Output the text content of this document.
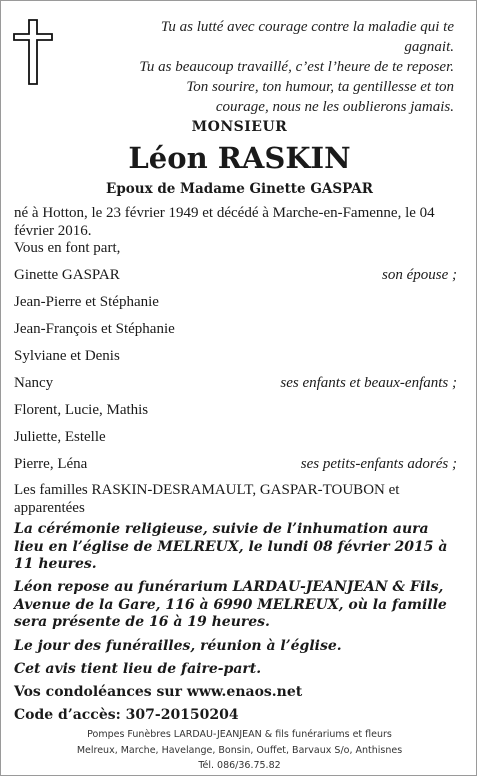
Tu as lutté avec courage contre la maladie qui te
gagnait.
Tu as beaucoup travaillé, c’est l’heure de te reposer.
Ton sourire, ton humour, ta gentillesse et ton
courage, nous ne les oublierons jamais.
MONSIEUR
Léon RASKIN
Epoux de Madame Ginette GASPAR
né à Hotton, le 23 février 1949 et décédé à Marche-en-Famenne, le 04 février 2016.
Vous en font part,
Ginette GASPAR	son épouse ;
Jean-Pierre et Stéphanie
Jean-François et Stéphanie
Sylviane et Denis
Nancy	ses enfants et beaux-enfants ;
Florent, Lucie, Mathis
Juliette, Estelle
Pierre, Léna	ses petits-enfants adorés ;
Les familles RASKIN-DESRAMAULT, GASPAR-TOUBON et apparentées
La cérémonie religieuse, suivie de l’inhumation aura lieu en l’église de MELREUX, le lundi 08 février 2015 à 11 heures.
Léon repose au funérarium LARDAU-JEANJEAN & Fils, Avenue de la Gare, 116 à 6990 MELREUX, où la famille sera présente de 16 à 19 heures.
Le jour des funérailles, réunion à l’église.
Cet avis tient lieu de faire-part.
Vos condoléances sur www.enaos.net
Code d’accès: 307-20150204
Pompes Funèbres LARDAU-JEANJEAN & fils funérariums et fleurs
Melreux, Marche, Havelange, Bonsin, Ouffet, Barvaux S/o, Anthisnes
Tél. 086/36.75.82
